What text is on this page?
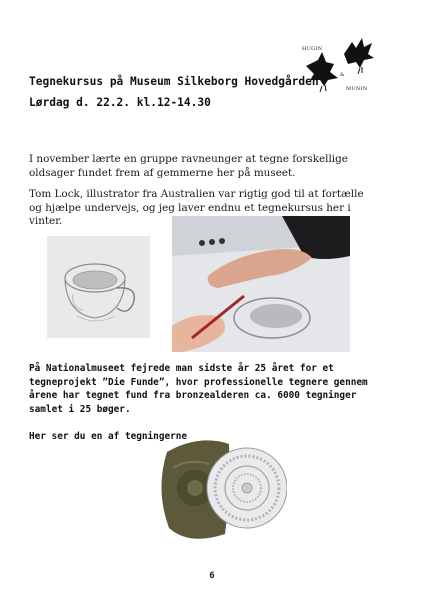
HUGIN
&
MUNIN
Tegnekursus på Museum Silkeborg Hovedgården
Lørdag d. 22.2. kl.12-14.30
I november lærte en gruppe ravneunger at tegne forskellige oldsager fundet frem af gemmerne her på museet.
Tom Lock, illustrator fra Australien var rigtig god til at fortælle og hjælpe undervejs, og jeg laver endnu et tegnekursus her i vinter.
På Nationalmuseet fejrede man sidste år 25 året for et tegneprojekt ”Die Funde”, hvor professionelle tegnere gennem årene har tegnet fund fra bronzealderen ca. 6000 tegninger samlet i 25 bøger.
Her ser du en af tegningerne
6
